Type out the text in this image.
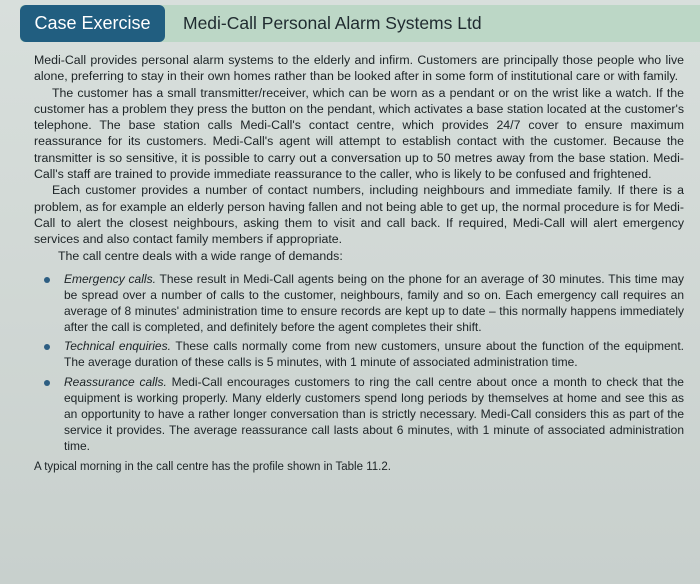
Case Exercise	Medi-Call Personal Alarm Systems Ltd

Medi-Call provides personal alarm systems to the elderly and infirm. Customers are principally those people who live alone, preferring to stay in their own homes rather than be looked after in some form of institutional care or with family.

The customer has a small transmitter/receiver, which can be worn as a pendant or on the wrist like a watch. If the customer has a problem they press the button on the pendant, which activates a base station located at the customer's telephone. The base station calls Medi-Call's contact centre, which provides 24/7 cover to ensure maximum reassurance for its customers. Medi-Call's agent will attempt to establish contact with the customer. Because the transmitter is so sensitive, it is possible to carry out a conversation up to 50 metres away from the base station. Medi-Call's staff are trained to provide immediate reassurance to the caller, who is likely to be confused and frightened.

Each customer provides a number of contact numbers, including neighbours and immediate family. If there is a problem, as for example an elderly person having fallen and not being able to get up, the normal procedure is for Medi-Call to alert the closest neighbours, asking them to visit and call back. If required, Medi-Call will alert emergency services and also contact family members if appropriate.

The call centre deals with a wide range of demands:

Emergency calls. These result in Medi-Call agents being on the phone for an average of 30 minutes. This time may be spread over a number of calls to the customer, neighbours, family and so on. Each emergency call requires an average of 8 minutes' administration time to ensure records are kept up to date – this normally happens immediately after the call is completed, and definitely before the agent completes their shift.
Technical enquiries. These calls normally come from new customers, unsure about the function of the equipment. The average duration of these calls is 5 minutes, with 1 minute of associated administration time.
Reassurance calls. Medi-Call encourages customers to ring the call centre about once a month to check that the equipment is working properly. Many elderly customers spend long periods by themselves at home and see this as an opportunity to have a rather longer conversation than is strictly necessary. Medi-Call considers this as part of the service it provides. The average reassurance call lasts about 6 minutes, with 1 minute of associated administration time.

A typical morning in the call centre has the profile shown in Table 11.2.
